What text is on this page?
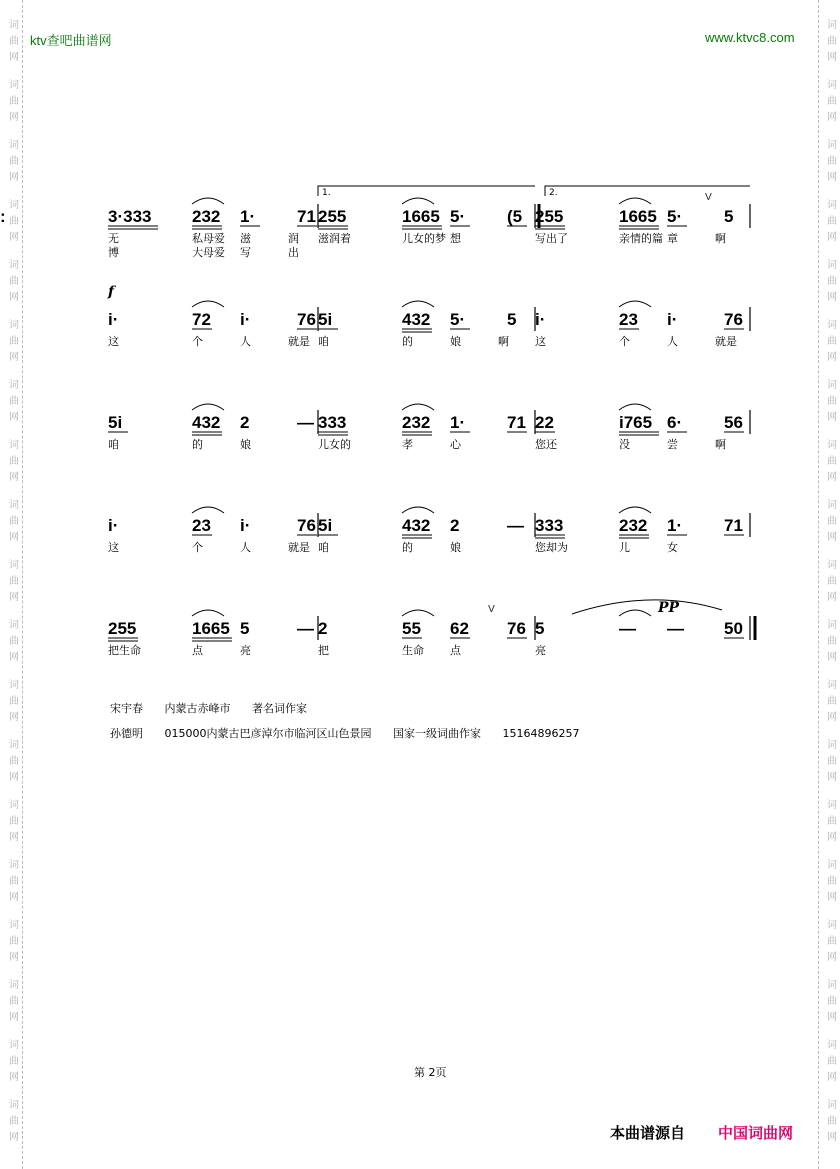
词
曲
网
词
曲
网
词
曲
网
词
曲
网
词
曲
网
词
曲
网
词
曲
网
词
曲
网
词
曲
网
词
曲
网
词
曲
网
词
曲
网
词
曲
网
词
曲
网
词
曲
网
词
曲
网
词
曲
网
词
曲
网
词
曲
网
词
曲
网
词
曲
网
词
曲
网
词
曲
网
词
曲
网
词
曲
网
词
曲
网
词
曲
网
词
曲
网
词
曲
网
词
曲
网
词
曲
网
词
曲
网
词
曲
网
词
曲
网
词
曲
网
词
曲
网
词
曲
网
词
曲
网
ktv查吧曲谱网	www.ktvc8.com
3·333 232 1· 71
无	私母爱 滋	润
博	大母爱 写	出
255	1665 5· (5
:
滋润着	儿女的梦 想
255	1665 5· 5
写出了	亲情的篇 章	啊
V
f
i·	72 i·	76
这	个	人	就是
5i	432 5· 5
咱	的	娘	啊
i·	23 i·	76
这	个	人	就是
5i	432 2	—
咱	的	娘
333	232 1· 71
儿女的	孝	心
22	i765 6· 56
您还	没	尝	啊
i·	23 i·	76
这	个	人	就是
5i	432 2	—
咱	的	娘
333	232 1· 71
您却为	儿	女
PP
255	1665 5	—
把生命	点	亮
2	55 62 76
把	生命 点
V
5	— — 50
亮
1.	2.
宋宇春 内蒙古赤峰市 著名词作家
孙德明 015000内蒙古巴彦淖尔市临河区山色景园 国家一级词曲作家 15164896257
第 2页
本曲谱源自 中国词曲网
